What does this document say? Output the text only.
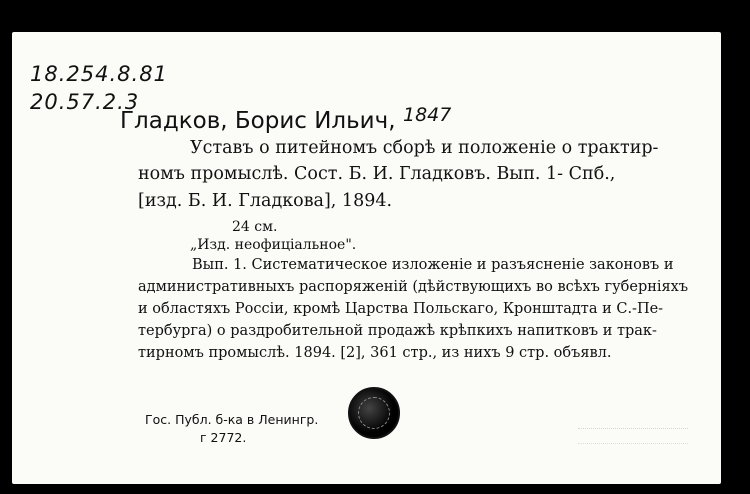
18.254.8.81
20.57.2.3
Гладков, Борис Ильич, 1847
Уставъ о питейномъ сборѣ и положеніе о трактир-
номъ промыслѣ. Сост. Б. И. Гладковъ. Вып. 1- Спб.,
[изд. Б. И. Гладкова], 1894.
24 см.
„Изд. неофиціальное".
Вып. 1. Систематическое изложеніе и разъясненіе законовъ и
административныхъ распоряженій (дѣйствующихъ во всѣхъ губерніяхъ
и областяхъ Россіи, кромѣ Царства Польскаго, Кронштадта и С.-Пе-
тербурга) о раздробительной продажѣ крѣпкихъ напитковъ и трак-
тирномъ промыслѣ. 1894. [2], 361 стр., из нихъ 9 стр. объявл.
Гос. Публ. б-ка в Ленингр.
г 2772.
